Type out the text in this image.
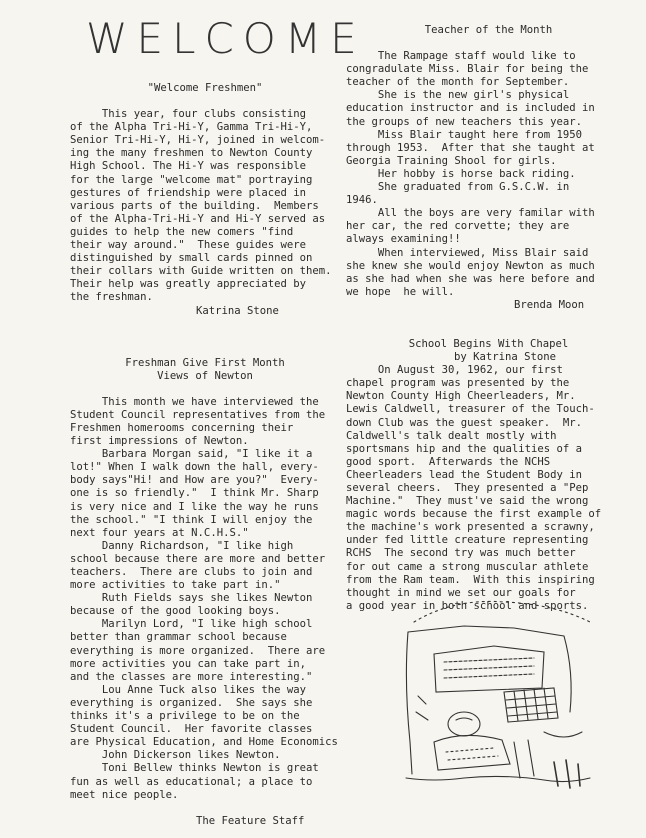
WELCOME

"Welcome Freshmen"

This year, four clubs consisting

of the Alpha Tri-Hi-Y, Gamma Tri-Hi-Y,

Senior Tri-Hi-Y, Hi-Y, joined in welcom-

ing the many freshmen to Newton County

High School. The Hi-Y was responsible

for the large "welcome mat" portraying

gestures of friendship were placed in

various parts of the building.  Members

of the Alpha-Tri-Hi-Y and Hi-Y served as

guides to help the new comers "find

their way around."  These guides were

distinguished by small cards pinned on

their collars with Guide written on them.

Their help was greatly appreciated by

the freshman.

Katrina Stone

Freshman Give First Month

Views of Newton

This month we have interviewed the

Student Council representatives from the

Freshmen homerooms concerning their

first impressions of Newton.

Barbara Morgan said, "I like it a

lot!" When I walk down the hall, every-

body says"Hi! and How are you?"  Every-

one is so friendly."  I think Mr. Sharp

is very nice and I like the way he runs

the school." "I think I will enjoy the

next four years at N.C.H.S."

Danny Richardson, "I like high

school because there are more and better

teachers.  There are clubs to join and

more activities to take part in."

Ruth Fields says she likes Newton

because of the good looking boys.

Marilyn Lord, "I like high school

better than grammar school because

everything is more organized.  There are

more activities you can take part in,

and the classes are more interesting."

Lou Anne Tuck also likes the way

everything is organized.  She says she

thinks it's a privilege to be on the

Student Council.  Her favorite classes

are Physical Education, and Home Economics

John Dickerson likes Newton.

Toni Bellew thinks Newton is great

fun as well as educational; a place to

meet nice people.

The Feature Staff

Teacher of the Month

The Rampage staff would like to

congradulate Miss. Blair for being the

teacher of the month for September.

She is the new girl's physical

education instructor and is included in

the groups of new teachers this year.

Miss Blair taught here from 1950

through 1953.  After that she taught at

Georgia Training Shool for girls.

Her hobby is horse back riding.

She graduated from G.S.C.W. in

1946.

All the boys are very familar with

her car, the red corvette; they are

always examining!!

When interviewed, Miss Blair said

she knew she would enjoy Newton as much

as she had when she was here before and

we hope  he will.

Brenda Moon

School Begins With Chapel

by Katrina Stone

On August 30, 1962, our first

chapel program was presented by the

Newton County High Cheerleaders, Mr.

Lewis Caldwell, treasurer of the Touch-

down Club was the guest speaker.  Mr.

Caldwell's talk dealt mostly with

sportsmans hip and the qualities of a

good sport.  Afterwards the NCHS

Cheerleaders lead the Student Body in

several cheers.  They presented a "Pep

Machine."  They must've said the wrong

magic words because the first example of

the machine's work presented a scrawny,

under fed little creature representing

RCHS  The second try was much better

for out came a strong muscular athlete

from the Ram team.  With this inspiring

thought in mind we set our goals for

a good year in both school and sports.
